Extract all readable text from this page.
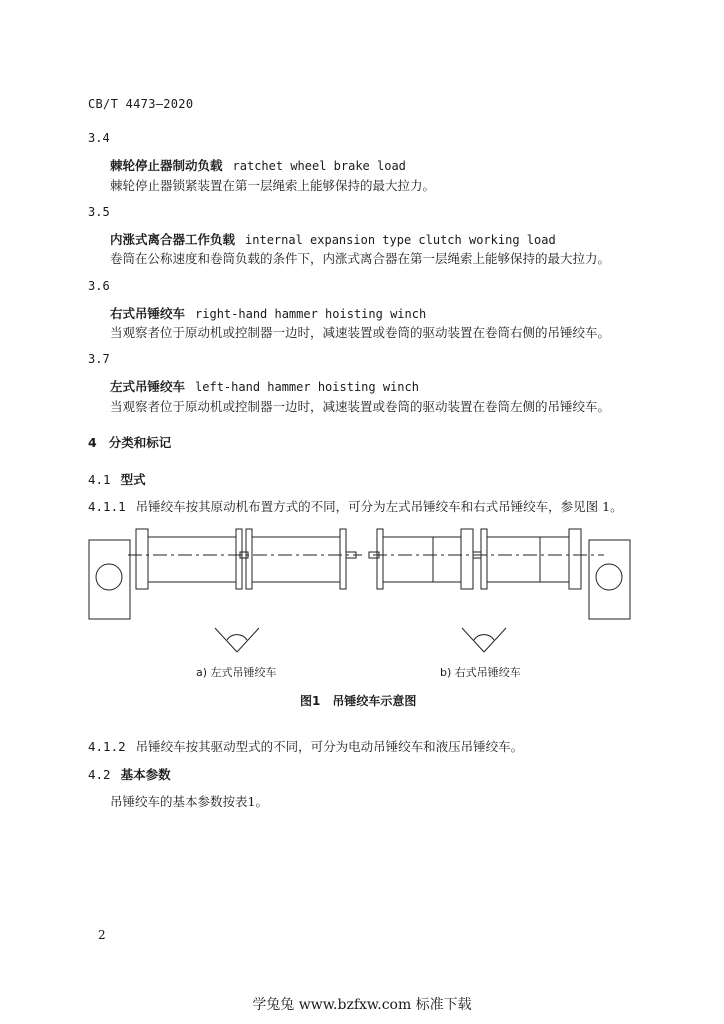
CB/T 4473—2020
3.4
棘轮停止器制动负载 ratchet wheel brake load
棘轮停止器锁紧装置在第一层绳索上能够保持的最大拉力。
3.5
内涨式离合器工作负载 internal expansion type clutch working load
卷筒在公称速度和卷筒负载的条件下，内涨式离合器在第一层绳索上能够保持的最大拉力。
3.6
右式吊锤绞车 right-hand hammer hoisting winch
当观察者位于原动机或控制器一边时，减速装置或卷筒的驱动装置在卷筒右侧的吊锤绞车。
3.7
左式吊锤绞车 left-hand hammer hoisting winch
当观察者位于原动机或控制器一边时，减速装置或卷筒的驱动装置在卷筒左侧的吊锤绞车。
4 分类和标记
4.1 型式
4.1.1 吊锤绞车按其原动机布置方式的不同，可分为左式吊锤绞车和右式吊锤绞车，参见图 1。
a) 左式吊锤绞车	b) 右式吊锤绞车
图1　吊锤绞车示意图
4.1.2 吊锤绞车按其驱动型式的不同，可分为电动吊锤绞车和液压吊锤绞车。
4.2 基本参数
吊锤绞车的基本参数按表1。
2
学兔兔 www.bzfxw.com 标准下载
